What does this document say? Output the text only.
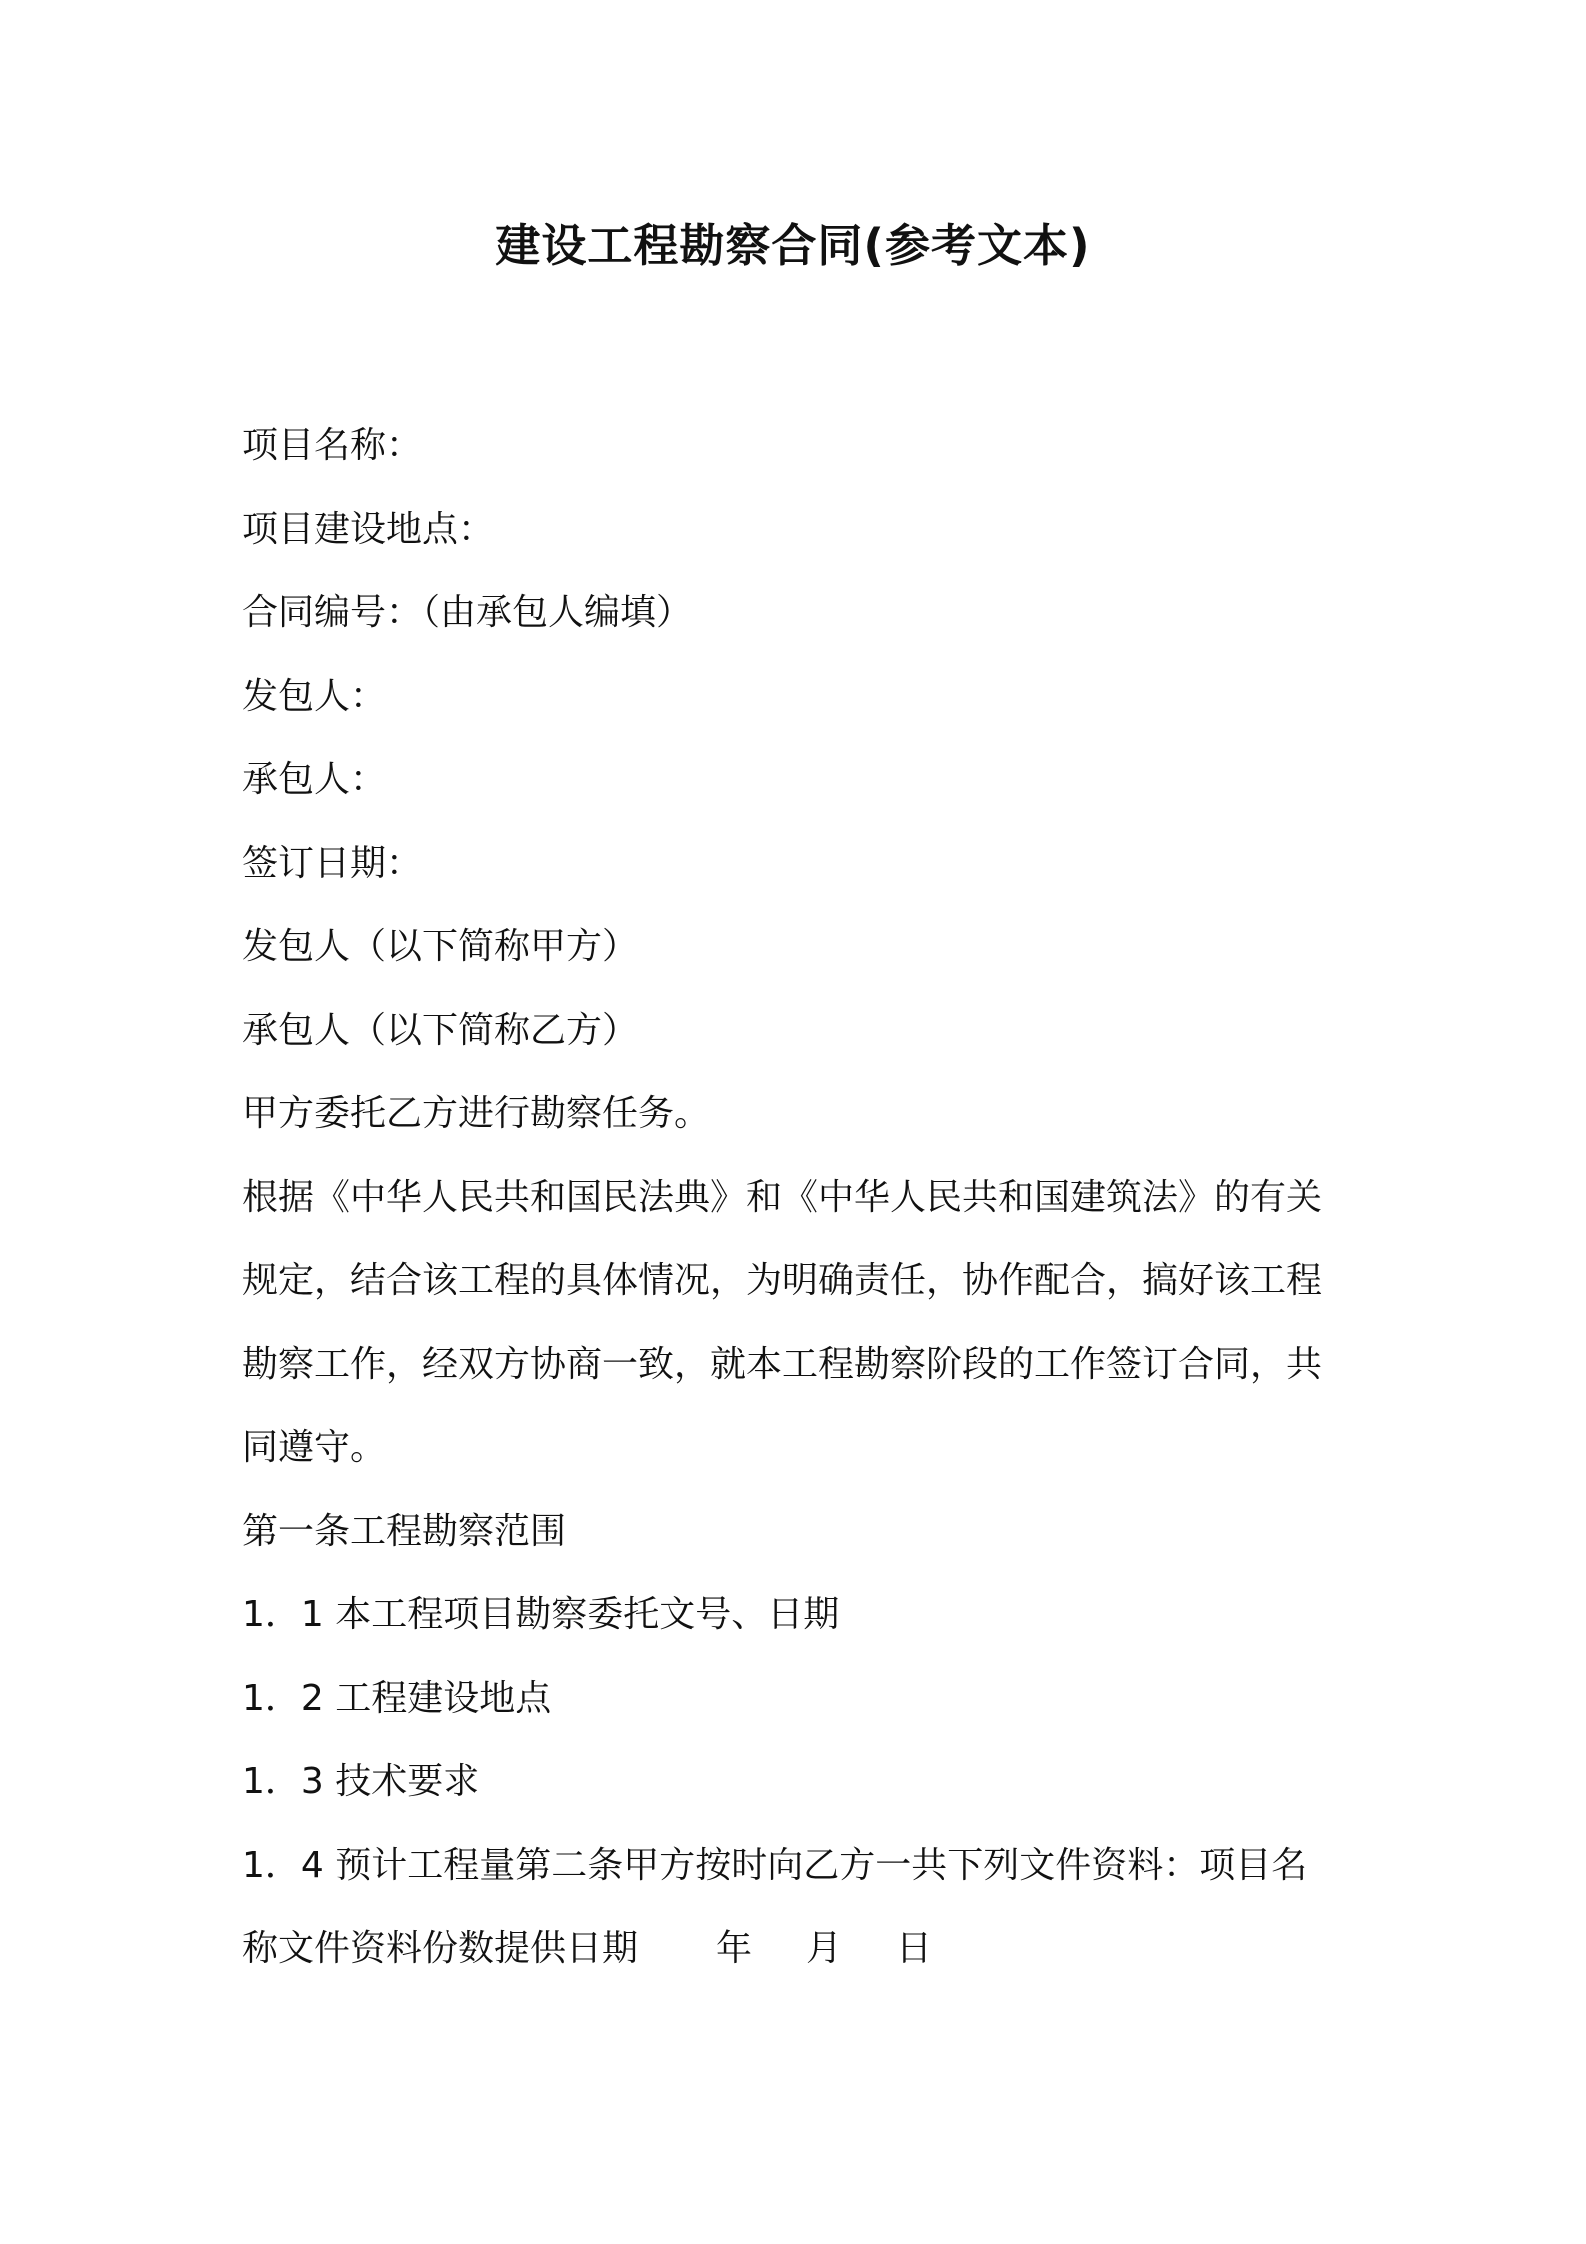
建设工程勘察合同(参考文本)
项目名称：
项目建设地点：
合同编号：（由承包人编填）
发包人：
承包人：
签订日期：
发包人（以下简称甲方）
承包人（以下简称乙方）
甲方委托乙方进行勘察任务。
根据《中华人民共和国民法典》和《中华人民共和国建筑法》的有关
规定，结合该工程的具体情况，为明确责任，协作配合，搞好该工程
勘察工作，经双方协商一致，就本工程勘察阶段的工作签订合同，共
同遵守。
第一条工程勘察范围
1．1 本工程项目勘察委托文号、日期
1．2 工程建设地点
1．3 技术要求
1．4 预计工程量第二条甲方按时向乙方一共下列文件资料：项目名
称文件资料份数提供日期 年 月 日
